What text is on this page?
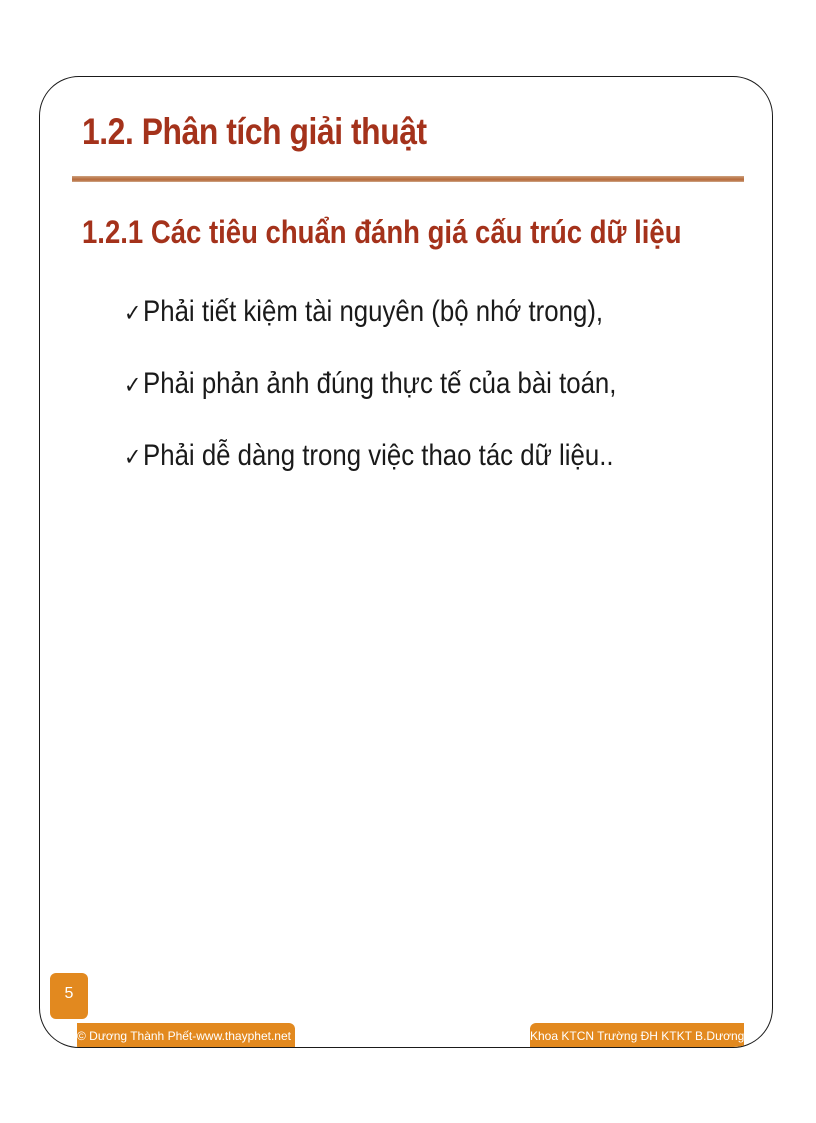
1.2. Phân tích giải thuật
1.2.1 Các tiêu chuẩn đánh giá cấu trúc dữ liệu
✓ Phải tiết kiệm tài nguyên (bộ nhớ trong),
✓ Phải phản ảnh đúng thực tế của bài toán,
✓ Phải dễ dàng trong việc thao tác dữ liệu..
5
© Dương Thành Phết-www.thayphet.net	Khoa KTCN Trường ĐH KTKT B.Dương
